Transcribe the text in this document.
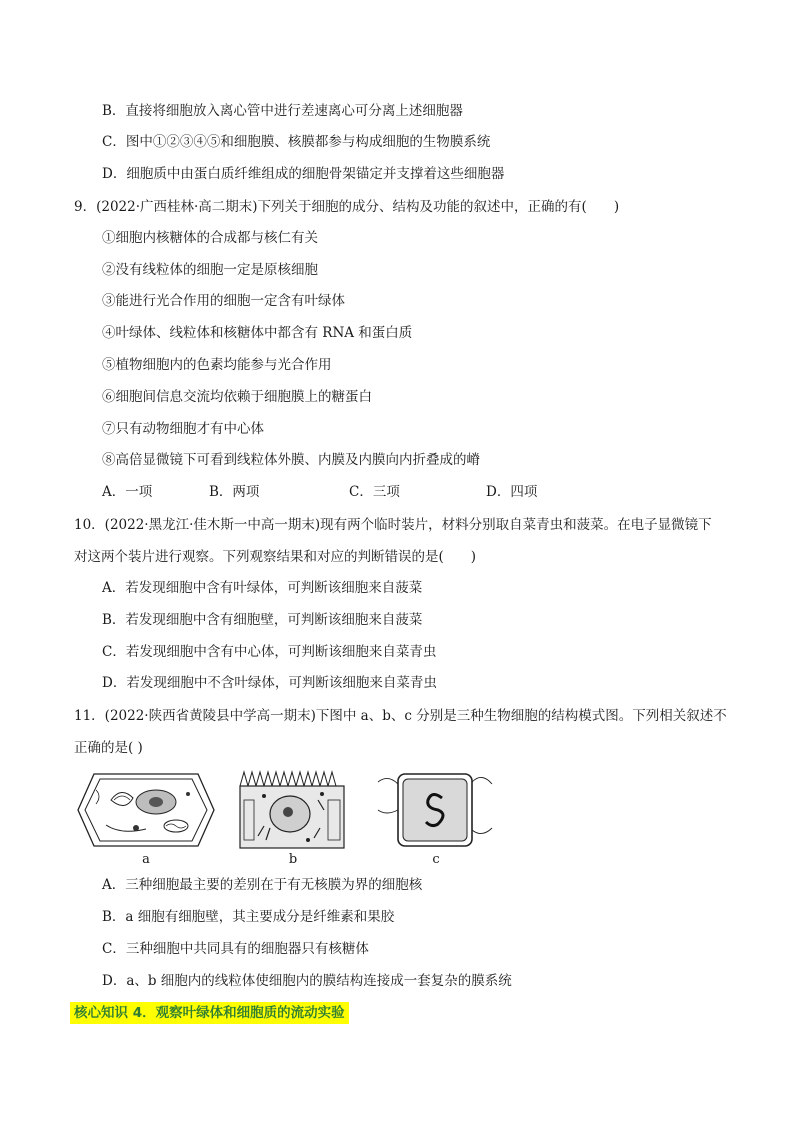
B．直接将细胞放入离心管中进行差速离心可分离上述细胞器
C．图中①②③④⑤和细胞膜、核膜都参与构成细胞的生物膜系统
D．细胞质中由蛋白质纤维组成的细胞骨架锚定并支撑着这些细胞器
9．(2022·广西桂林·高二期末)下列关于细胞的成分、结构及功能的叙述中，正确的有(　　)
①细胞内核糖体的合成都与核仁有关
②没有线粒体的细胞一定是原核细胞
③能进行光合作用的细胞一定含有叶绿体
④叶绿体、线粒体和核糖体中都含有 RNA 和蛋白质
⑤植物细胞内的色素均能参与光合作用
⑥细胞间信息交流均依赖于细胞膜上的糖蛋白
⑦只有动物细胞才有中心体
⑧高倍显微镜下可看到线粒体外膜、内膜及内膜向内折叠成的嵴
A．一项	B．两项	C．三项	D．四项
10．(2022·黑龙江·佳木斯一中高一期末)现有两个临时装片，材料分别取自菜青虫和菠菜。在电子显微镜下
对这两个装片进行观察。下列观察结果和对应的判断错误的是(　　)
A．若发现细胞中含有叶绿体，可判断该细胞来自菠菜
B．若发现细胞中含有细胞壁，可判断该细胞来自菠菜
C．若发现细胞中含有中心体，可判断该细胞来自菜青虫
D．若发现细胞中不含叶绿体，可判断该细胞来自菜青虫
11．(2022·陕西省黄陵县中学高一期末)下图中 a、b、c 分别是三种生物细胞的结构模式图。下列相关叙述不
正确的是( )
a	b	c
A．三种细胞最主要的差别在于有无核膜为界的细胞核
B．a 细胞有细胞壁，其主要成分是纤维素和果胶
C．三种细胞中共同具有的细胞器只有核糖体
D．a、b 细胞内的线粒体使细胞内的膜结构连接成一套复杂的膜系统
核心知识 4．观察叶绿体和细胞质的流动实验
